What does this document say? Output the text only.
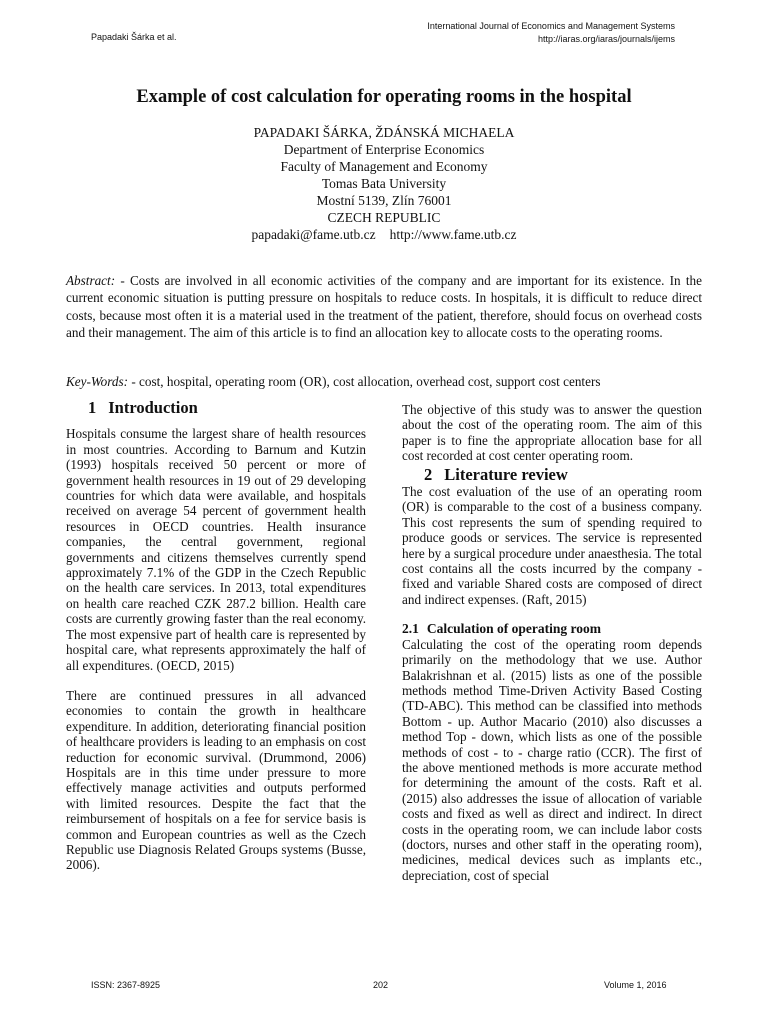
Papadaki Šárka et al.
International Journal of Economics and Management Systems
http://iaras.org/iaras/journals/ijems
Example of cost calculation for operating rooms in the hospital
PAPADAKI ŠÁRKA, ŽDÁNSKÁ MICHAELA
Department of Enterprise Economics
Faculty of Management and Economy
Tomas Bata University
Mostní 5139, Zlín 76001
CZECH REPUBLIC
papadaki@fame.utb.cz http://www.fame.utb.cz
Abstract: - Costs are involved in all economic activities of the company and are important for its existence. In the current economic situation is putting pressure on hospitals to reduce costs. In hospitals, it is difficult to reduce direct costs, because most often it is a material used in the treatment of the patient, therefore, should focus on overhead costs and their management. The aim of this article is to find an allocation key to allocate costs to the operating rooms.
Key-Words: - cost, hospital, operating room (OR), cost allocation, overhead cost, support cost centers
1 Introduction

Hospitals consume the largest share of health resources in most countries. According to Barnum and Kutzin (1993) hospitals received 50 percent or more of government health resources in 19 out of 29 developing countries for which data were available, and hospitals received on average 54 percent of government health resources in OECD countries. Health insurance companies, the central government, regional governments and citizens themselves currently spend approximately 7.1% of the GDP in the Czech Republic on the health care services. In 2013, total expenditures on health care reached CZK 287.2 billion. Health care costs are currently growing faster than the real economy. The most expensive part of health care is represented by hospital care, what represents approximately the half of all expenditures. (OECD, 2015)

There are continued pressures in all advanced economies to contain the growth in healthcare expenditure. In addition, deteriorating financial position of healthcare providers is leading to an emphasis on cost reduction for economic survival. (Drummond, 2006) Hospitals are in this time under pressure to more effectively manage activities and outputs performed with limited resources. Despite the fact that the reimbursement of hospitals on a fee for service basis is common and European countries as well as the Czech Republic use Diagnosis Related Groups systems (Busse, 2006).

The objective of this study was to answer the question about the cost of the operating room. The aim of this paper is to fine the appropriate allocation base for all cost recorded at cost center operating room.

2 Literature review

The cost evaluation of the use of an operating room (OR) is comparable to the cost of a business company. This cost represents the sum of spending required to produce goods or services. The service is represented here by a surgical procedure under anaesthesia. The total cost contains all the costs incurred by the company - fixed and variable Shared costs are composed of direct and indirect expenses. (Raft, 2015)

2.1 Calculation of operating room

Calculating the cost of the operating room depends primarily on the methodology that we use. Author Balakrishnan et al. (2015) lists as one of the possible methods method Time-Driven Activity Based Costing (TD-ABC). This method can be classified into methods Bottom - up. Author Macario (2010) also discusses a method Top - down, which lists as one of the possible methods of cost - to - charge ratio (CCR). The first of the above mentioned methods is more accurate method for determining the amount of the costs. Raft et al. (2015) also addresses the issue of allocation of variable costs and fixed as well as direct and indirect. In direct costs in the operating room, we can include labor costs (doctors, nurses and other staff in the operating room), medicines, medical devices such as implants etc., depreciation, cost of special

ISSN: 2367-8925	202	Volume 1, 2016
